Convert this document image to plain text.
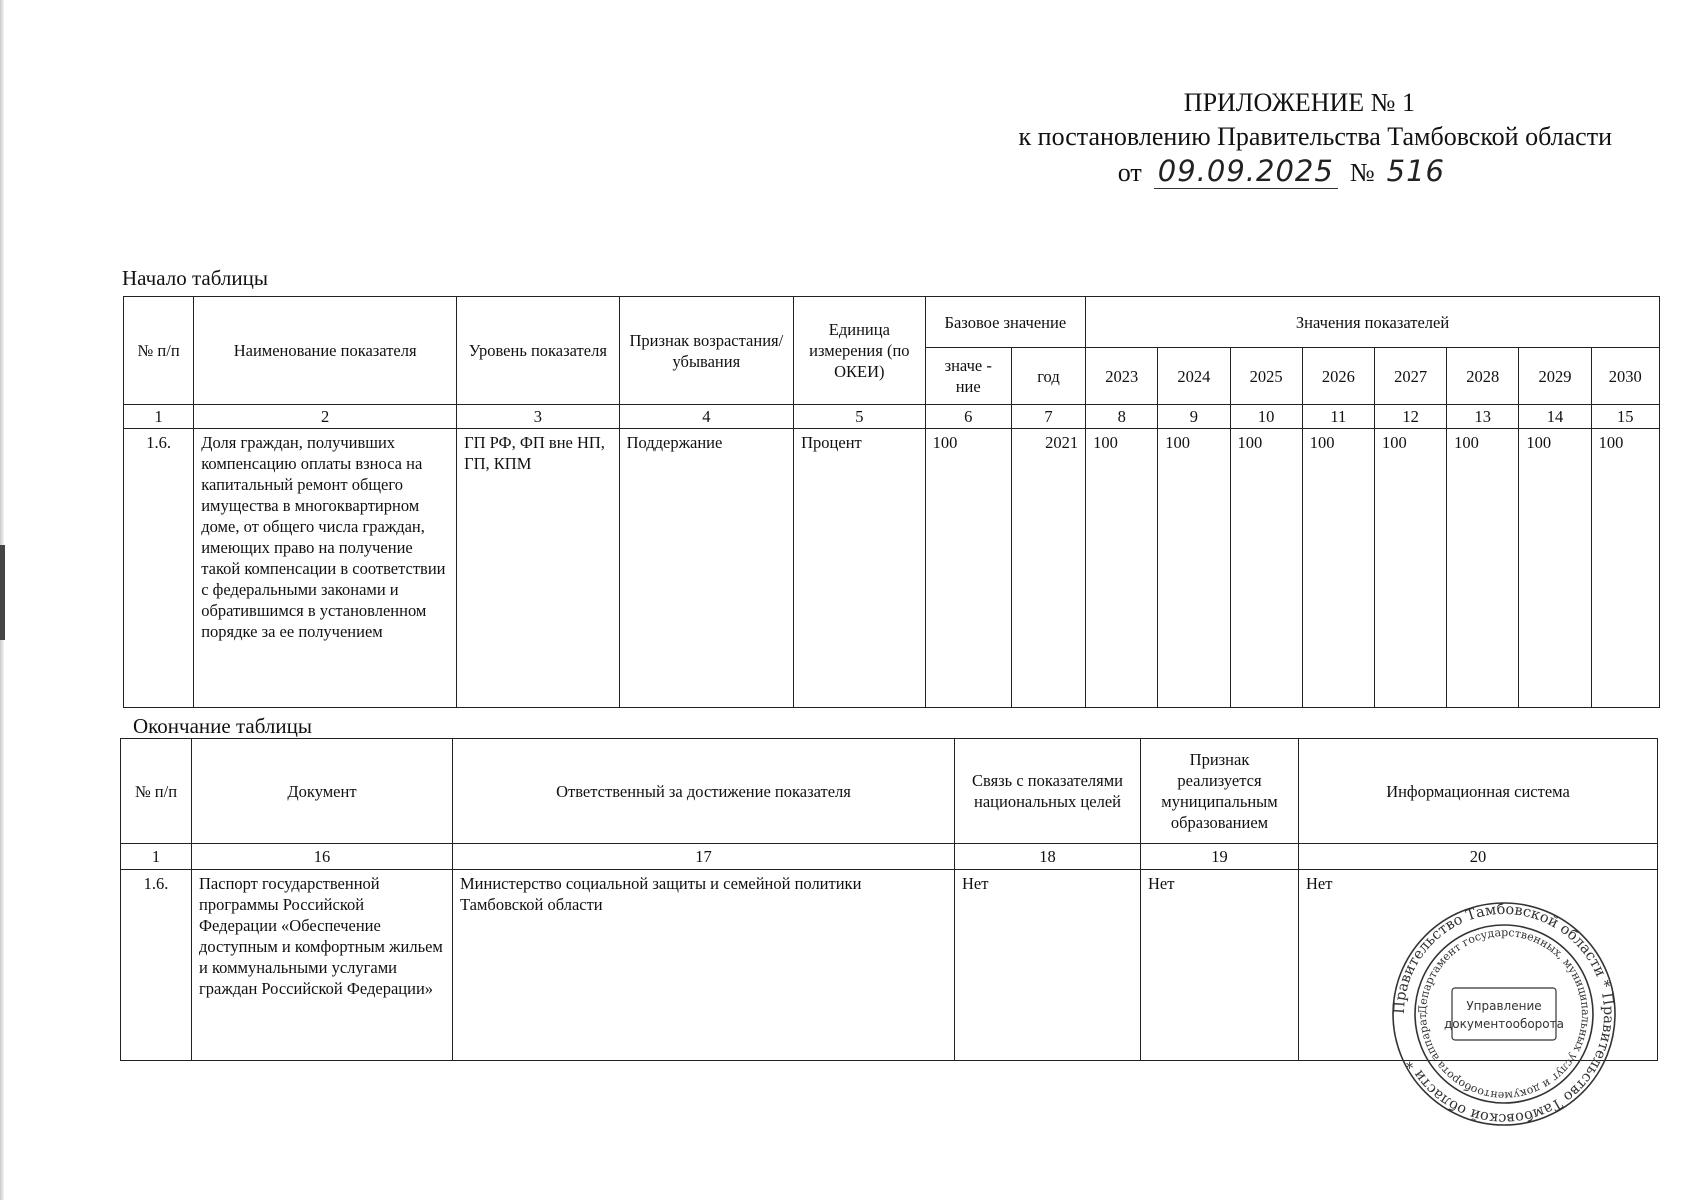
ПРИЛОЖЕНИЕ № 1
к постановлению Правительства Тамбовской области
от 09.09.2025 № 516
Начало таблицы
№ п/п	Наименование показателя	Уровень показателя	Признак возрастания/ убывания	Единица измерения (по ОКЕИ)	Базовое значение		Значения показателей							
					значе - ние	год	2023	2024	2025	2026	2027	2028	2029	2030
1	2	3	4	5	6	7	8	9	10	11	12	13	14	15
1.6.	Доля граждан, получивших компенсацию оплаты взноса на капитальный ремонт общего имущества в многоквартирном доме, от общего числа граждан, имеющих право на получение такой компенсации в соответствии с федеральными законами и обратившимся в установленном порядке за ее получением	ГП РФ, ФП вне НП, ГП, КПМ	Поддержание	Процент	100	2021	100	100	100	100	100	100	100	100
Окончание таблицы
№ п/п	Документ	Ответственный за достижение показателя	Связь с показателями национальных целей	Признак реализуется муниципальным образованием	Информационная система
1	16	17	18	19	20
1.6.	Паспорт государственной программы Российской Федерации «Обеспечение доступным и комфортным жильем и коммунальными услугами граждан Российской Федерации»	Министерство социальной защиты и семейной политики Тамбовской области	Нет	Нет	Нет
Правительство Тамбовской области * Правительство Тамбовской области *
Департамент государственных, муниципальных услуг и документооборота аппарат
Управление
документооборота
